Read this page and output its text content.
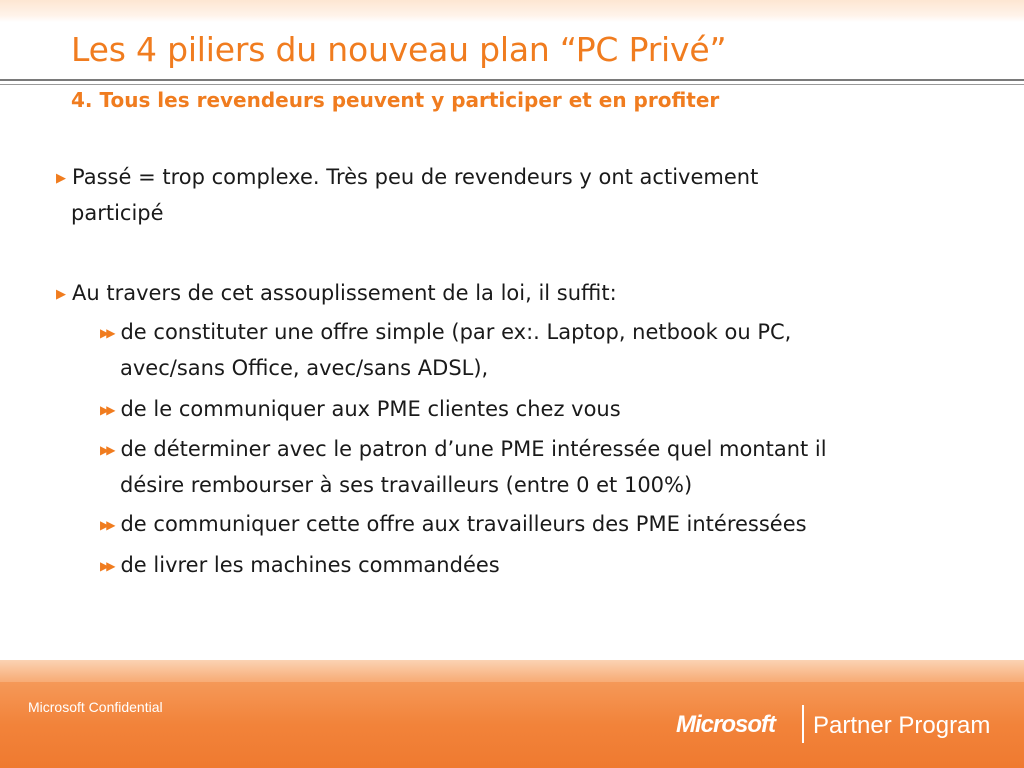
Les 4 piliers du nouveau plan “PC Privé”
4. Tous les revendeurs peuvent y participer et en profiter
▶ Passé = trop complexe. Très peu de revendeurs y ont activement
participé
▶ Au travers de cet assouplissement de la loi, il suffit:
▶▶ de constituter une offre simple (par ex:. Laptop, netbook ou PC,
avec/sans Office, avec/sans ADSL),
▶▶ de le communiquer aux PME clientes chez vous
▶▶ de déterminer avec le patron d’une PME intéressée quel montant il
désire rembourser à ses travailleurs (entre 0 et 100%)
▶▶ de communiquer cette offre aux travailleurs des PME intéressées
▶▶ de livrer les machines commandées
Microsoft Confidential
Microsoft Partner Program
